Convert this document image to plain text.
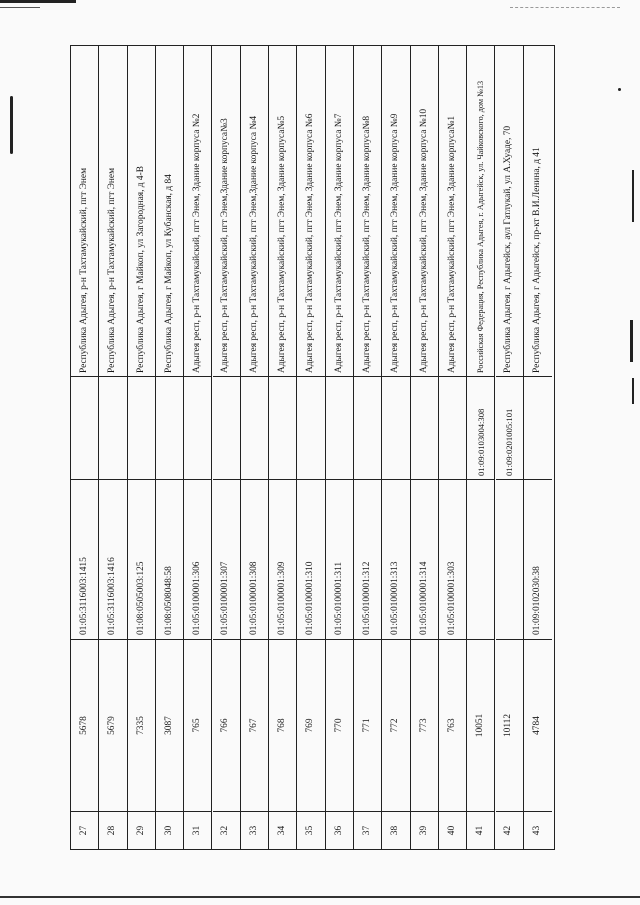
27
5678
01:05:3116003:1415
Республика Адыгея, р-н Тахтамукайский, пгт Энем
28
5679
01:05:3116003:1416
Республика Адыгея, р-н Тахтамукайский, пгт Энем
29
7335
01:08:0505003:125
Республика Адыгея, г Майкоп, ул Загородная, д 4-В
30
3087
01:08:0508048:58
Республика Адыгея, г Майкоп, ул Кубанская, д 84
31
765
01:05:0100001:306
Адыгея респ, р-н Тахтамукайский, пгт Энем, Здание корпуса №2
32
766
01:05:0100001:307
Адыгея респ, р-н Тахтамукайский, пгт Энем,Здание корпуса№3
33
767
01:05:0100001:308
Адыгея респ, р-н Тахтамукайский, пгт Энем,Здание корпуса №4
34
768
01:05:0100001:309
Адыгея респ, р-н Тахтамукайский, пгт Энем, Здание корпуса№5
35
769
01:05:0100001:310
Адыгея респ, р-н Тахтамукайский, пгт Энем, Здание корпуса №6
36
770
01:05:0100001:311
Адыгея респ, р-н Тахтамукайский, пгт Энем, Здание корпуса №7
37
771
01:05:0100001:312
Адыгея респ, р-н Тахтамукайский, пгт Энем, Здание корпуса№8
38
772
01:05:0100001:313
Адыгея респ, р-н Тахтамукайский, пгт Энем, Здание корпуса №9
39
773
01:05:0100001:314
Адыгея респ, р-н Тахтамукайский, пгт Энем, Здание корпуса №10
40
763
01:05:0100001:303
Адыгея респ, р-н Тахтамукайский, пгт Энем, Здание корпуса№1
41
10051
01:09:0103004:308
Российская Федерация, Республика Адыгея, г. Адыгейск, ул. Чайковского, дом №13
42
10112
01:09:0201005:101
Республика Адыгея, г Адыгейск, аул Гатлукай, ул А.Хуаде, 70
43
4784
01:09:0102030:38
Республика Адыгея, г Адыгейск, пр-кт В.И.Ленина, д 41
